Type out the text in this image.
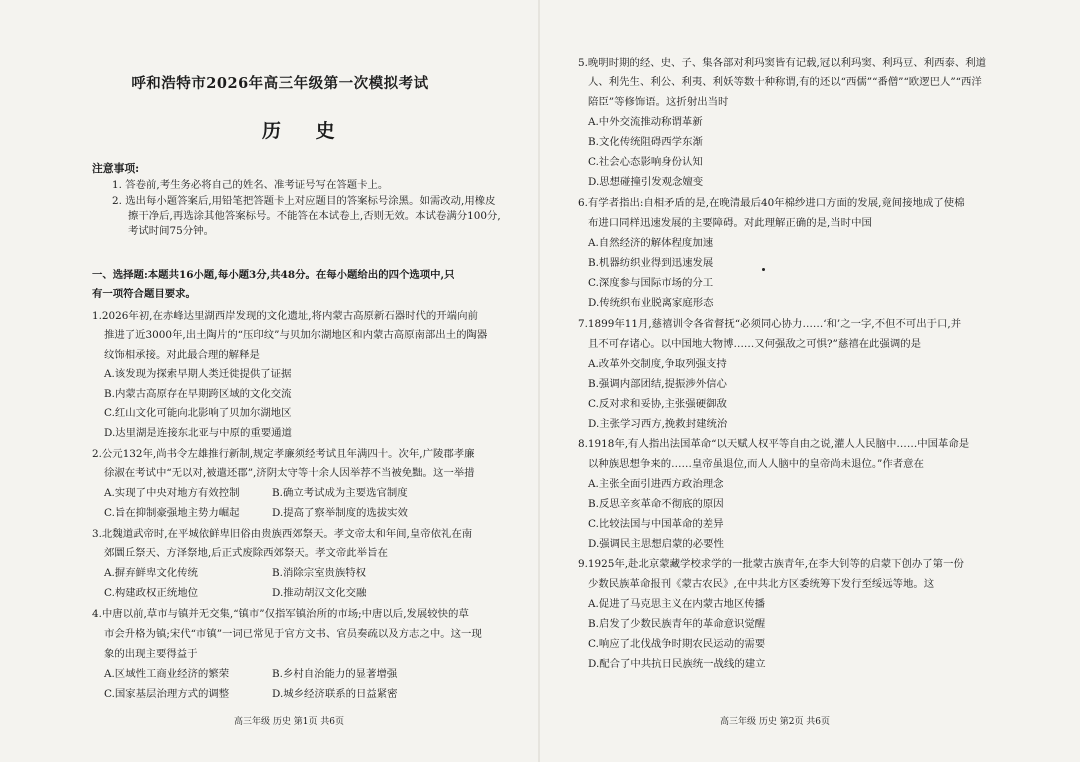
呼和浩特市2026年高三年级第一次模拟考试
历 史
注意事项:
1. 答卷前,考生务必将自己的姓名、准考证号写在答题卡上。
2. 选出每小题答案后,用铅笔把答题卡上对应题目的答案标号涂黑。如需改动,用橡皮
擦干净后,再选涂其他答案标号。不能答在本试卷上,否则无效。本试卷满分100分,
考试时间75分钟。
一、选择题:本题共16小题,每小题3分,共48分。在每小题给出的四个选项中,只
有一项符合题目要求。
1.2026年初,在赤峰达里湖西岸发现的文化遗址,将内蒙古高原新石器时代的开端向前
推进了近3000年,出土陶片的“压印纹”与贝加尔湖地区和内蒙古高原南部出土的陶器
纹饰相承接。对此最合理的解释是
A.该发现为探索早期人类迁徙提供了证据
B.内蒙古高原存在早期跨区域的文化交流
C.红山文化可能向北影响了贝加尔湖地区
D.达里湖是连接东北亚与中原的重要通道
2.公元132年,尚书令左雄推行新制,规定孝廉须经考试且年满四十。次年,广陵郡孝廉
徐淑在考试中“无以对,被遣还郡”,济阴太守等十余人因举荐不当被免黜。这一举措
A.实现了中央对地方有效控制	B.确立考试成为主要选官制度
C.旨在抑制豪强地主势力崛起	D.提高了察举制度的选拔实效
3.北魏道武帝时,在平城依鲜卑旧俗由贵族西郊祭天。孝文帝太和年间,皇帝依礼在南
郊圜丘祭天、方泽祭地,后正式废除西郊祭天。孝文帝此举旨在
A.摒弃鲜卑文化传统	B.消除宗室贵族特权
C.构建政权正统地位	D.推动胡汉文化交融
4.中唐以前,草市与镇并无交集,“镇市”仅指军镇治所的市场;中唐以后,发展较快的草
市会升格为镇;宋代“市镇”一词已常见于官方文书、官员奏疏以及方志之中。这一现
象的出现主要得益于
A.区域性工商业经济的繁荣	B.乡村自治能力的显著增强
C.国家基层治理方式的调整	D.城乡经济联系的日益紧密
高三年级 历史 第1页 共6页
5.晚明时期的经、史、子、集各部对利玛窦皆有记载,冠以利玛窦、利玛豆、利西泰、利道
人、利先生、利公、利夷、利妖等数十种称谓,有的还以“西儒”“番僧”“欧逻巴人”“西洋
陪臣”等修饰语。这折射出当时
A.中外交流推动称谓革新
B.文化传统阻碍西学东渐
C.社会心态影响身份认知
D.思想碰撞引发观念嬗变
6.有学者指出:自相矛盾的是,在晚清最后40年棉纱进口方面的发展,竟间接地成了使棉
布进口同样迅速发展的主要障碍。对此理解正确的是,当时中国
A.自然经济的解体程度加速
B.机器纺织业得到迅速发展
C.深度参与国际市场的分工
D.传统织布业脱离家庭形态
7.1899年11月,慈禧训令各省督抚“必须同心协力……‘和’之一字,不但不可出于口,并
且不可存诸心。以中国地大物博……又何强敌之可惧?”慈禧在此强调的是
A.改革外交制度,争取列强支持
B.强调内部团结,提振涉外信心
C.反对求和妥协,主张强硬御敌
D.主张学习西方,挽救封建统治
8.1918年,有人指出法国革命“以天赋人权平等自由之说,灌人人民脑中……中国革命是
以种族思想争来的……皇帝虽退位,而人人脑中的皇帝尚未退位。”作者意在
A.主张全面引进西方政治理念
B.反思辛亥革命不彻底的原因
C.比较法国与中国革命的差异
D.强调民主思想启蒙的必要性
9.1925年,赴北京蒙藏学校求学的一批蒙古族青年,在李大钊等的启蒙下创办了第一份
少数民族革命报刊《蒙古农民》,在中共北方区委统筹下发行至绥远等地。这
A.促进了马克思主义在内蒙古地区传播
B.启发了少数民族青年的革命意识觉醒
C.响应了北伐战争时期农民运动的需要
D.配合了中共抗日民族统一战线的建立
高三年级 历史 第2页 共6页
